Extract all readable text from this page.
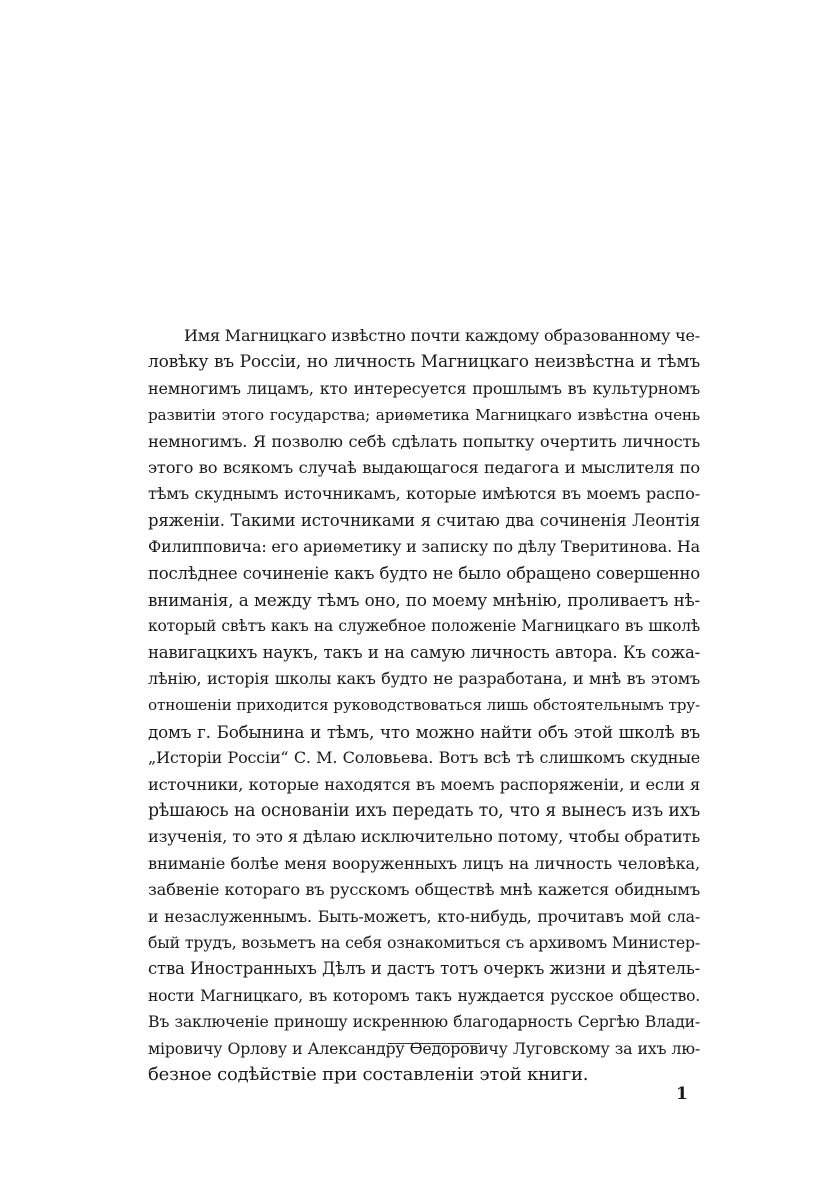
Имя Магницкаго извѣстно почти каждому образованному че-
ловѣку въ Россіи, но личность Магницкаго неизвѣстна и тѣмъ
немногимъ лицамъ, кто интересуется прошлымъ въ культурномъ
развитіи этого государства; ариѳметика Магницкаго извѣстна очень
немногимъ. Я позволю себѣ сдѣлать попытку очертить личность
этого во всякомъ случаѣ выдающагося педагога и мыслителя по
тѣмъ скуднымъ источникамъ, которые имѣются въ моемъ распо-
ряженіи. Такими источниками я считаю два сочиненія Леонтія
Филипповича: его ариѳметику и записку по дѣлу Тверитинова. На
послѣднее сочиненіе какъ будто не было обращено совершенно
вниманія, а между тѣмъ оно, по моему мнѣнію, проливаетъ нѣ-
который свѣтъ какъ на служебное положеніе Магницкаго въ школѣ
навигацкихъ наукъ, такъ и на самую личность автора. Къ сожа-
лѣнію, исторія школы какъ будто не разработана, и мнѣ въ этомъ
отношеніи приходится руководствоваться лишь обстоятельнымъ тру-
домъ г. Бобынина и тѣмъ, что можно найти объ этой школѣ въ
„Исторіи Россіи“ С. М. Соловьева. Вотъ всѣ тѣ слишкомъ скудные
источники, которые находятся въ моемъ распоряженіи, и если я
рѣшаюсь на основаніи ихъ передать то, что я вынесъ изъ ихъ
изученія, то это я дѣлаю исключительно потому, чтобы обратить
вниманіе болѣе меня вооруженныхъ лицъ на личность человѣка,
забвеніе котораго въ русскомъ обществѣ мнѣ кажется обиднымъ
и незаслуженнымъ. Быть-можетъ, кто-нибудь, прочитавъ мой сла-
бый трудъ, возьметъ на себя ознакомиться съ архивомъ Министер-
ства Иностранныхъ Дѣлъ и дастъ тотъ очеркъ жизни и дѣятель-
ности Магницкаго, въ которомъ такъ нуждается русское общество.
Въ заключеніе приношу искреннюю благодарность Сергѣю Влади-
міровичу Орлову и Александру Ѳедоровичу Луговскому за ихъ лю-
безное содѣйствіе при составленіи этой книги.
1
